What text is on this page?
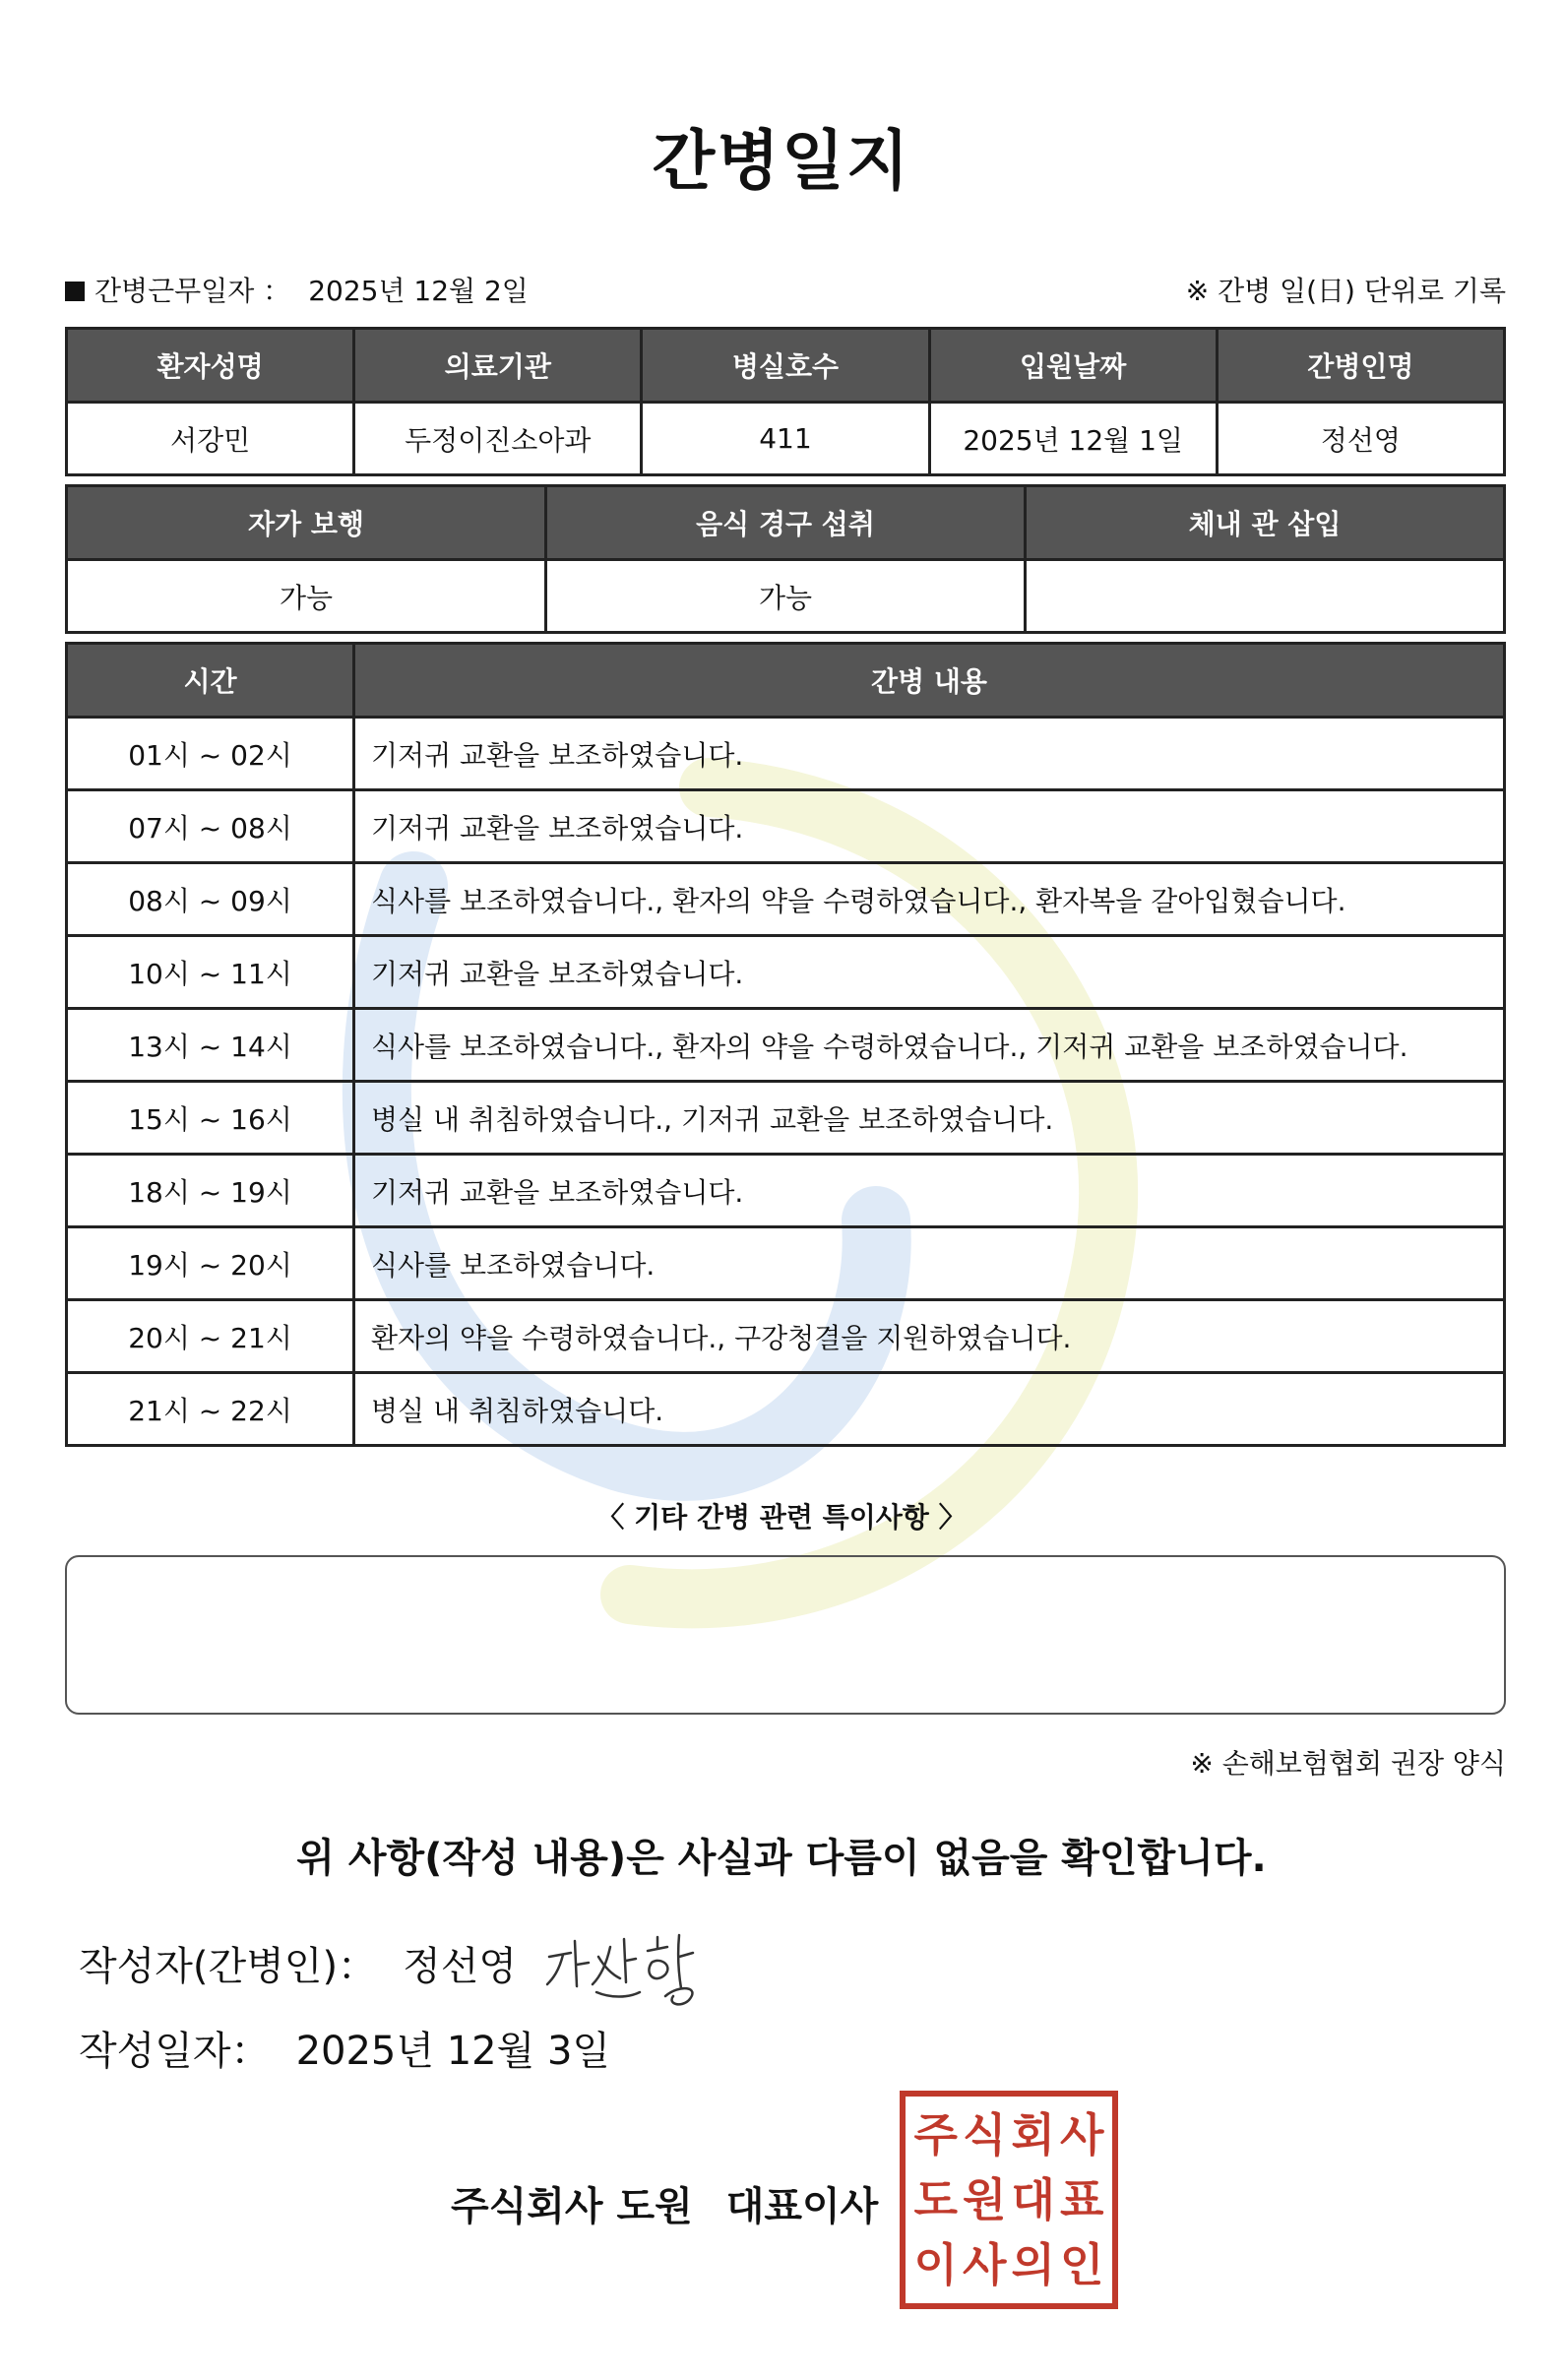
간병일지
간병근무일자 ： 2025년 12월 2일	※ 간병 일(日) 단위로 기록
환자성명	의료기관	병실호수	입원날짜	간병인명
서강민	두정이진소아과	411	2025년 12월 1일	정선영
자가 보행	음식 경구 섭취	체내 관 삽입
가능	가능	
시간	간병 내용
01시 ~ 02시	기저귀 교환을 보조하였습니다.
07시 ~ 08시	기저귀 교환을 보조하였습니다.
08시 ~ 09시	식사를 보조하였습니다., 환자의 약을 수령하였습니다., 환자복을 갈아입혔습니다.
10시 ~ 11시	기저귀 교환을 보조하였습니다.
13시 ~ 14시	식사를 보조하였습니다., 환자의 약을 수령하였습니다., 기저귀 교환을 보조하였습니다.
15시 ~ 16시	병실 내 취침하였습니다., 기저귀 교환을 보조하였습니다.
18시 ~ 19시	기저귀 교환을 보조하였습니다.
19시 ~ 20시	식사를 보조하였습니다.
20시 ~ 21시	환자의 약을 수령하였습니다., 구강청결을 지원하였습니다.
21시 ~ 22시	병실 내 취침하였습니다.
〈 기타 간병 관련 특이사항 〉
※ 손해보험협회 권장 양식
위 사항(작성 내용)은 사실과 다름이 없음을 확인합니다.
작성자(간병인)： 정선영
작성일자： 2025년 12월 3일
주식회사 도원 대표이사
주 식 회 사
도 원 대 표
이 사 의 인
